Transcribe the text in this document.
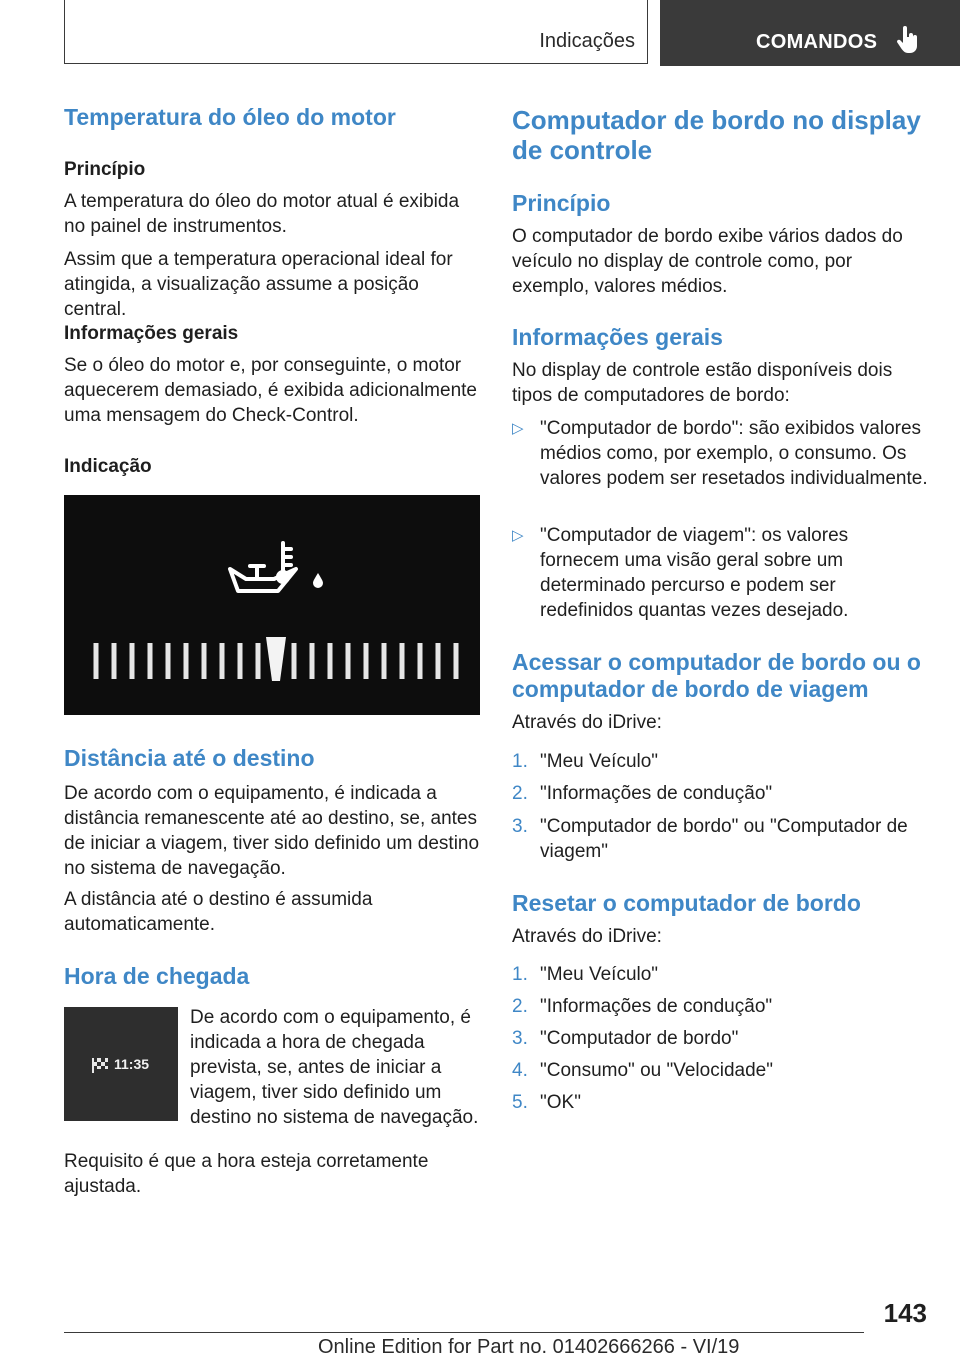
Indicações	COMANDOS
Temperatura do óleo do motor
Princípio
A temperatura do óleo do motor atual é exibida no painel de instrumentos.
Assim que a temperatura operacional ideal for atingida, a visualização assume a posição central.
Informações gerais
Se o óleo do motor e, por conseguinte, o motor aquecerem demasiado, é exibida adicionalmente uma mensagem do Check-Control.
Indicação
Distância até o destino
De acordo com o equipamento, é indicada a distância remanescente até ao destino, se, antes de iniciar a viagem, tiver sido definido um destino no sistema de navegação.
A distância até o destino é assumida automaticamente.
Hora de chegada
11:35
De acordo com o equipamento, é indicada a hora de chegada prevista, se, antes de iniciar a viagem, tiver sido definido um destino no sistema de navegação.
Requisito é que a hora esteja corretamente ajustada.
Computador de bordo no display de controle
Princípio
O computador de bordo exibe vários dados do veículo no display de controle como, por exemplo, valores médios.
Informações gerais
No display de controle estão disponíveis dois tipos de computadores de bordo:
▷ "Computador de bordo": são exibidos valores médios como, por exemplo, o consumo. Os valores podem ser resetados individualmente.
▷ "Computador de viagem": os valores fornecem uma visão geral sobre um determinado percurso e podem ser redefinidos quantas vezes desejado.
Acessar o computador de bordo ou o computador de bordo de viagem
Através do iDrive:
1. "Meu Veículo"
2. "Informações de condução"
3. "Computador de bordo" ou "Computador de viagem"
Resetar o computador de bordo
Através do iDrive:
1. "Meu Veículo"
2. "Informações de condução"
3. "Computador de bordo"
4. "Consumo" ou "Velocidade"
5. "OK"
143
Online Edition for Part no. 01402666266 - VI/19
